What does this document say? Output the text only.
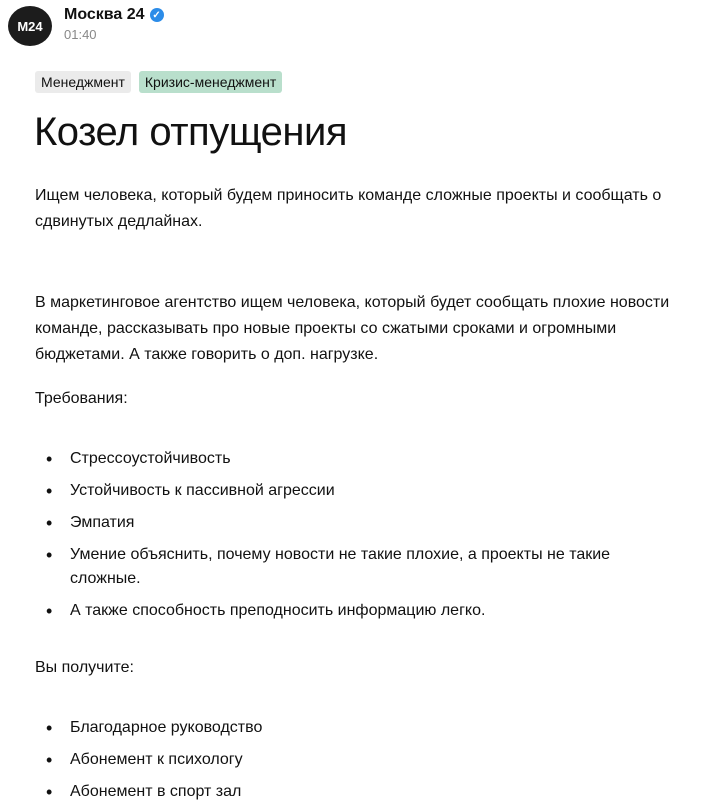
M24
Москва 24 ✓
01:40
Менеджмент	Кризис-менеджмент
Козел отпущения

Ищем человека, который будем приносить команде сложные проекты и сообщать о сдвинутых дедлайнах.

В маркетинговое агентство ищем человека, который будет сообщать плохие новости команде, рассказывать про новые проекты со сжатыми сроками и огромными бюджетами. А также говорить о доп. нагрузке.

Требования:

• Стрессоустойчивость
• Устойчивость к пассивной агрессии
• Эмпатия
• Умение объяснить, почему новости не такие плохие, а проекты не такие сложные.
• А также способность преподносить информацию легко.

Вы получите:

• Благодарное руководство
• Абонемент к психологу
• Абонемент в спорт зал
